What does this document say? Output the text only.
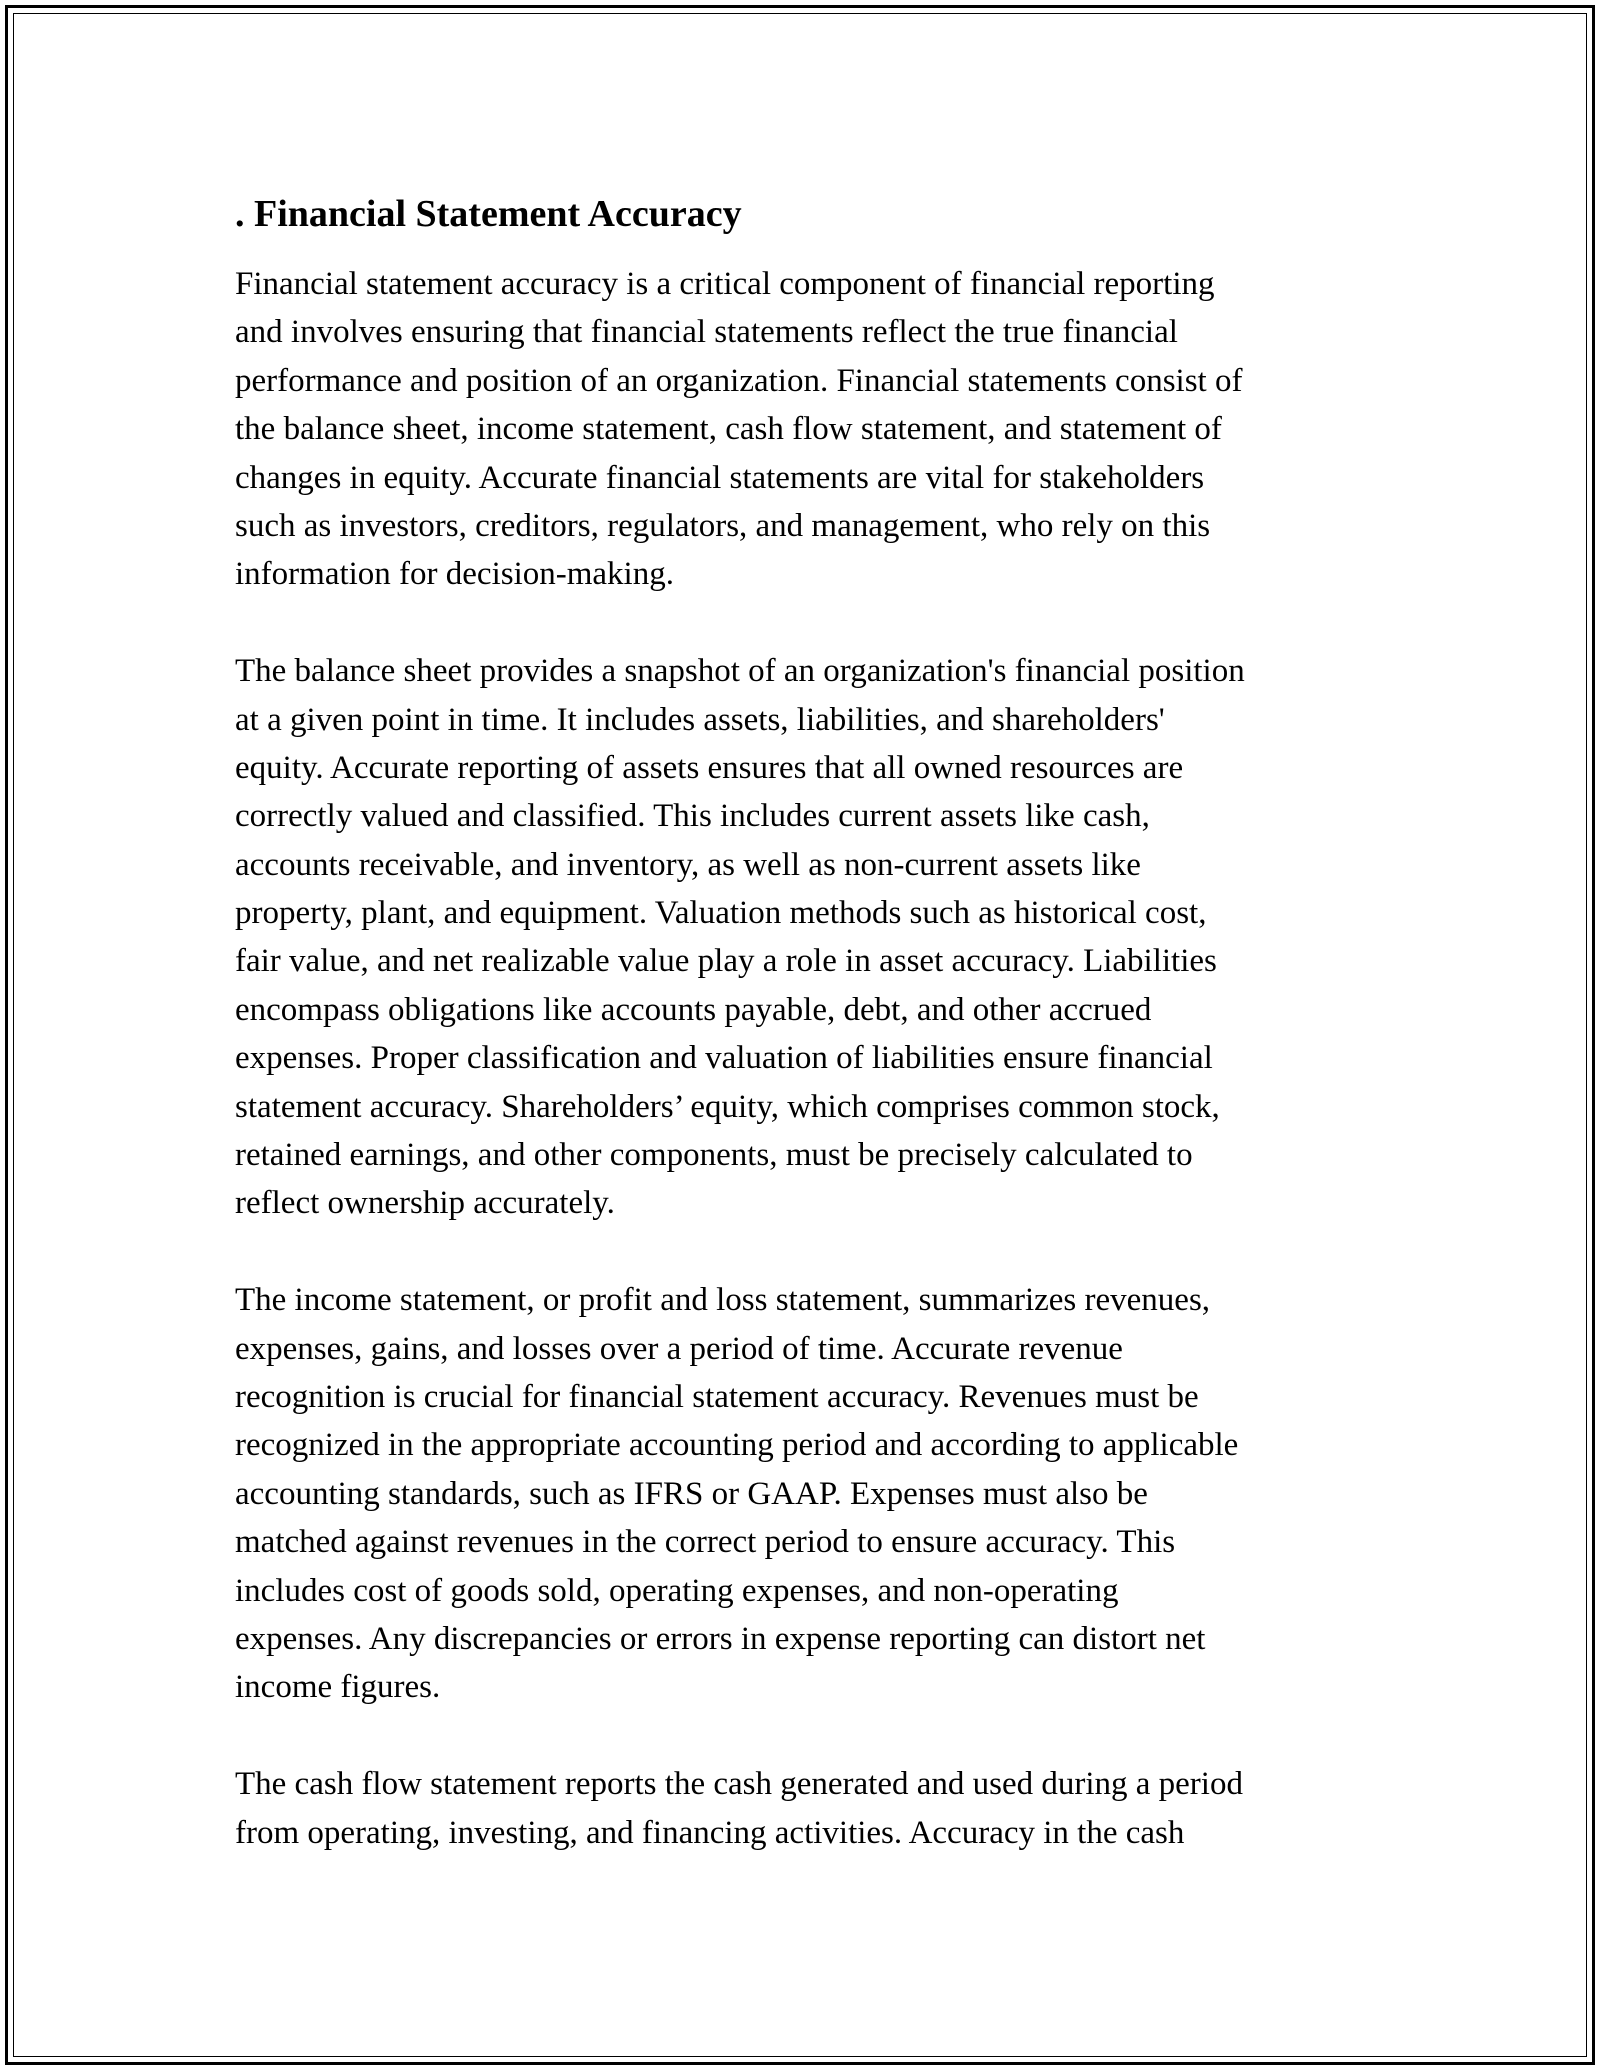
. Financial Statement Accuracy
Financial statement accuracy is a critical component of financial reporting
and involves ensuring that financial statements reflect the true financial
performance and position of an organization. Financial statements consist of
the balance sheet, income statement, cash flow statement, and statement of
changes in equity. Accurate financial statements are vital for stakeholders
such as investors, creditors, regulators, and management, who rely on this
information for decision-making.
The balance sheet provides a snapshot of an organization's financial position
at a given point in time. It includes assets, liabilities, and shareholders'
equity. Accurate reporting of assets ensures that all owned resources are
correctly valued and classified. This includes current assets like cash,
accounts receivable, and inventory, as well as non-current assets like
property, plant, and equipment. Valuation methods such as historical cost,
fair value, and net realizable value play a role in asset accuracy. Liabilities
encompass obligations like accounts payable, debt, and other accrued
expenses. Proper classification and valuation of liabilities ensure financial
statement accuracy. Shareholders’ equity, which comprises common stock,
retained earnings, and other components, must be precisely calculated to
reflect ownership accurately.
The income statement, or profit and loss statement, summarizes revenues,
expenses, gains, and losses over a period of time. Accurate revenue
recognition is crucial for financial statement accuracy. Revenues must be
recognized in the appropriate accounting period and according to applicable
accounting standards, such as IFRS or GAAP. Expenses must also be
matched against revenues in the correct period to ensure accuracy. This
includes cost of goods sold, operating expenses, and non-operating
expenses. Any discrepancies or errors in expense reporting can distort net
income figures.
The cash flow statement reports the cash generated and used during a period
from operating, investing, and financing activities. Accuracy in the cash
